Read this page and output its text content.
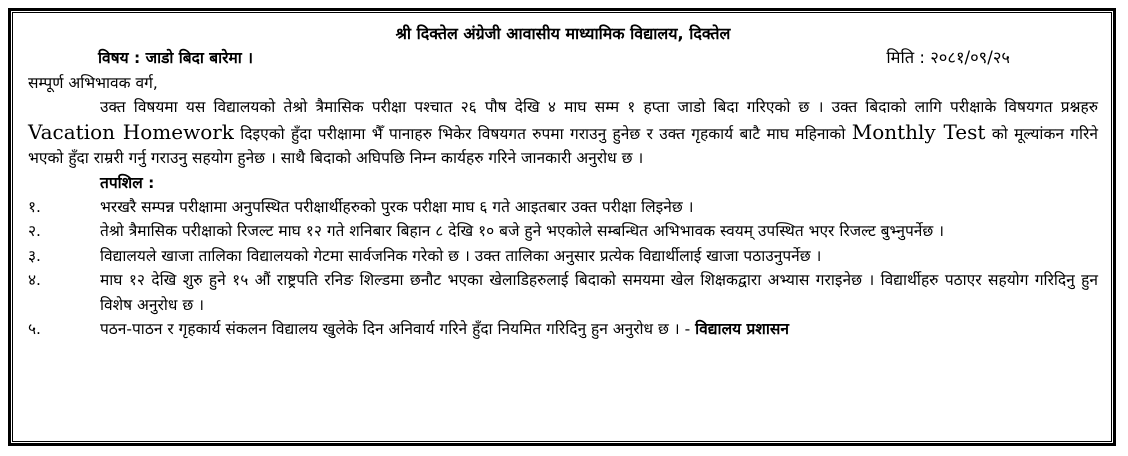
श्री दिक्तेल अंग्रेजी आवासीय माध्यामिक विद्यालय, दिक्तेल
विषय : जाडो बिदा बारेमा ।	मिति : २०८१/०९/२५
सम्पूर्ण अभिभावक वर्ग,
उक्त विषयमा यस विद्यालयको तेश्रो त्रैमासिक परीक्षा पश्चात २६ पौष देखि ४ माघ सम्म १ हप्ता जाडो बिदा गरिएको छ । उक्त बिदाको लागि परीक्षाके विषयगत प्रश्नहरु Vacation Homework दिइएको हुँदा परीक्षामा भैँ पानाहरु भिकेर विषयगत रुपमा गराउनु हुनेछ र उक्त गृहकार्य बाटै माघ महिनाको Monthly Test को मूल्यांकन गरिने भएको हुँदा राम्ररी गर्नु गराउनु सहयोग हुनेछ । साथै बिदाको अघिपछि निम्न कार्यहरु गरिने जानकारी अनुरोध छ ।
तपशिल :
१.	भरखरै सम्पन्न परीक्षामा अनुपस्थित परीक्षार्थीहरुको पुरक परीक्षा माघ ६ गते आइतबार उक्त परीक्षा लिइनेछ ।
२.	तेश्रो त्रैमासिक परीक्षाको रिजल्ट माघ १२ गते शनिबार बिहान ८ देखि १० बजे हुने भएकोले सम्बन्धित अभिभावक स्वयम् उपस्थित भएर रिजल्ट बुभ्नुपर्नेछ ।
३.	विद्यालयले खाजा तालिका विद्यालयको गेटमा सार्वजनिक गरेको छ । उक्त तालिका अनुसार प्रत्येक विद्यार्थीलाई खाजा पठाउनुपर्नेछ ।
४.	माघ १२ देखि शुरु हुने १५ औं राष्ट्रपति रनिङ शिल्डमा छनौट भएका खेलाडिहरुलाई बिदाको समयमा खेल शिक्षकद्वारा अभ्यास गराइनेछ । विद्यार्थीहरु पठाएर सहयोग गरिदिनु हुन विशेष अनुरोध छ ।
५.	पठन-पाठन र गृहकार्य संकलन विद्यालय खुलेके दिन अनिवार्य गरिने हुँदा नियमित गरिदिनु हुन अनुरोध छ । - विद्यालय प्रशासन
